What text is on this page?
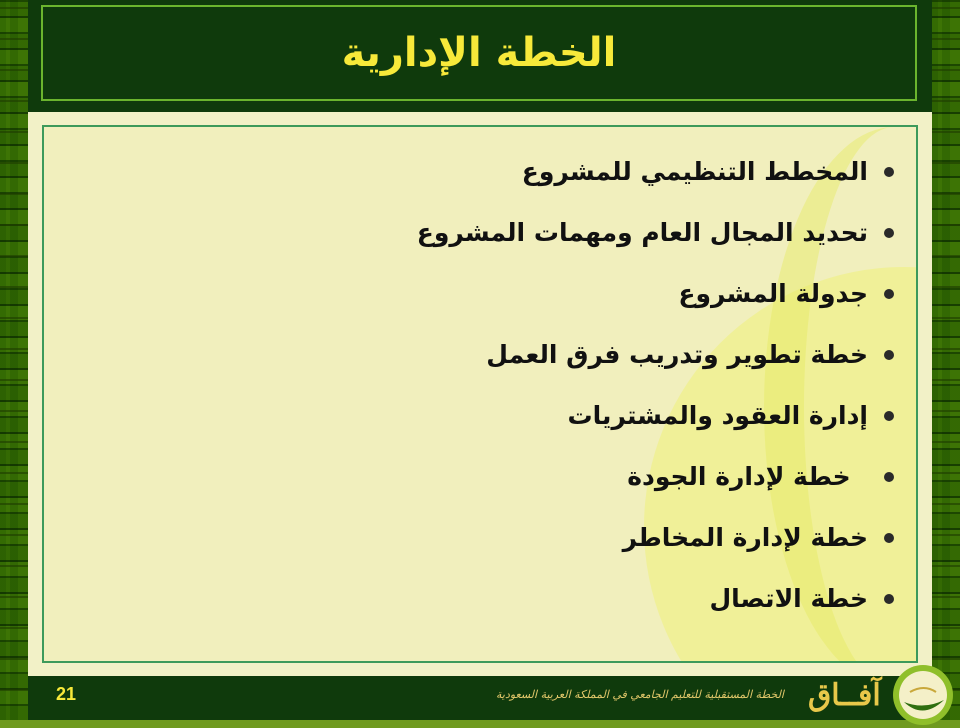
الخطة الإدارية
المخطط التنظيمي للمشروع
تحديد المجال العام ومهمات المشروع
جدولة المشروع
خطة تطوير وتدريب فرق العمل
إدارة العقود والمشتريات
خطة لإدارة الجودة
خطة لإدارة المخاطر
خطة الاتصال
21	الخطة المستقبلية للتعليم الجامعي في المملكة العربية السعودية آفــاق
